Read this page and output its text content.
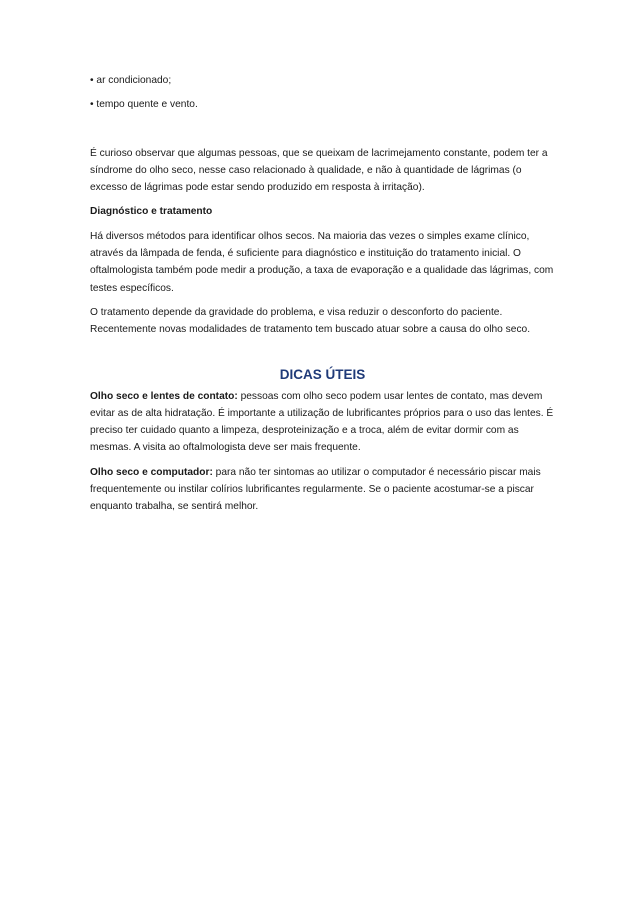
• ar condicionado;

• tempo quente e vento.

É curioso observar que algumas pessoas, que se queixam de lacrimejamento constante, podem ter a síndrome do olho seco, nesse caso relacionado à qualidade, e não à quantidade de lágrimas (o excesso de lágrimas pode estar sendo produzido em resposta à irritação).

Diagnóstico e tratamento

Há diversos métodos para identificar olhos secos. Na maioria das vezes o simples exame clínico, através da lâmpada de fenda, é suficiente para diagnóstico e instituição do tratamento inicial. O oftalmologista também pode medir a produção, a taxa de evaporação e a qualidade das lágrimas, com testes específicos.

O tratamento depende da gravidade do problema, e visa reduzir o desconforto do paciente. Recentemente novas modalidades de tratamento tem buscado atuar sobre a causa do olho seco.

DICAS ÚTEIS

Olho seco e lentes de contato: pessoas com olho seco podem usar lentes de contato, mas devem evitar as de alta hidratação. É importante a utilização de lubrificantes próprios para o uso das lentes. É preciso ter cuidado quanto a limpeza, desproteinização e a troca, além de evitar dormir com as mesmas. A visita ao oftalmologista deve ser mais frequente.

Olho seco e computador: para não ter sintomas ao utilizar o computador é necessário piscar mais frequentemente ou instilar colírios lubrificantes regularmente. Se o paciente acostumar-se a piscar enquanto trabalha, se sentirá melhor.
